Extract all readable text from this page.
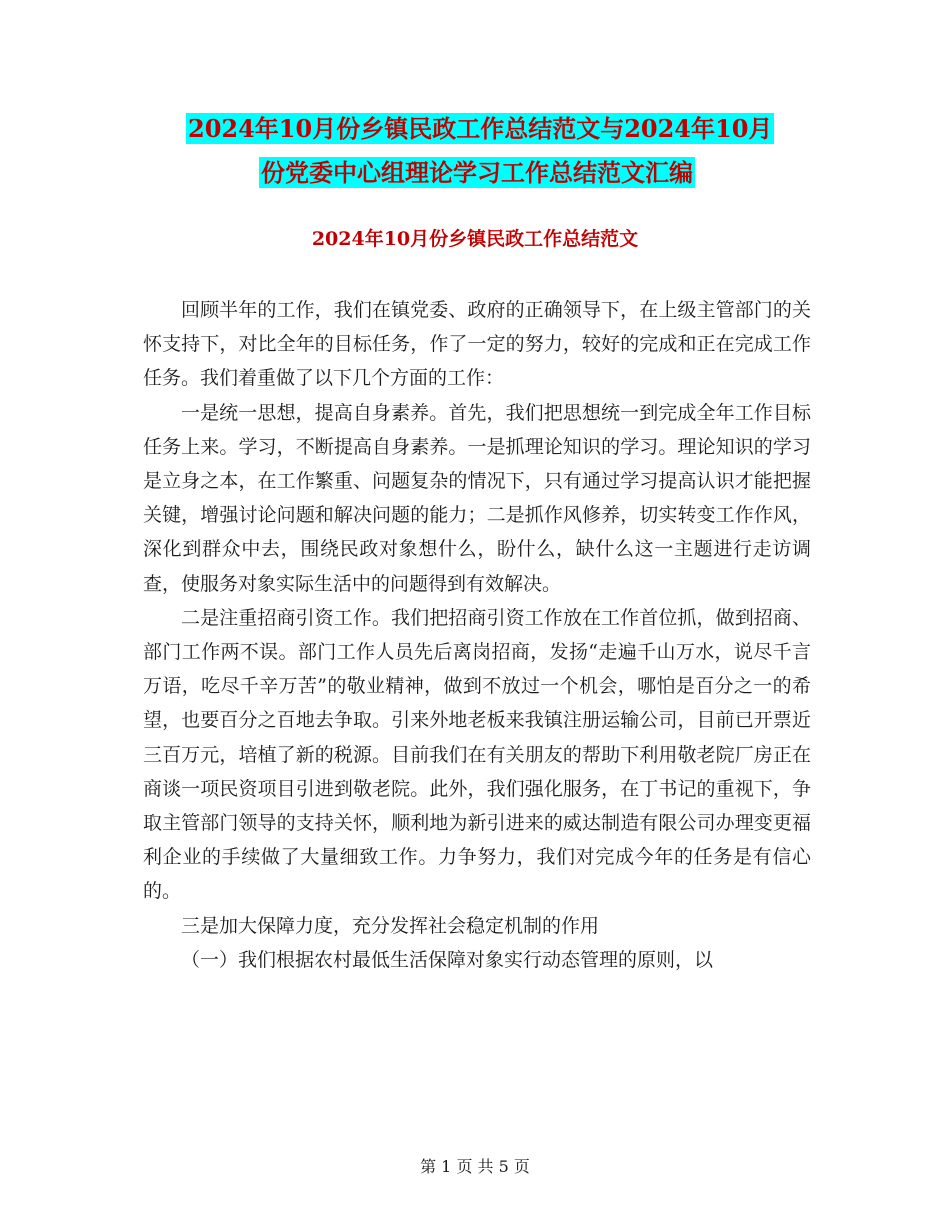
2024年10月份乡镇民政工作总结范文与2024年10月
份党委中心组理论学习工作总结范文汇编
2024年10月份乡镇民政工作总结范文

回顾半年的工作，我们在镇党委、政府的正确领导下，在上级主管部门的关怀支持下，对比全年的目标任务，作了一定的努力，较好的完成和正在完成工作任务。我们着重做了以下几个方面的工作：

一是统一思想，提高自身素养。首先，我们把思想统一到完成全年工作目标任务上来。学习，不断提高自身素养。一是抓理论知识的学习。理论知识的学习是立身之本，在工作繁重、问题复杂的情况下，只有通过学习提高认识才能把握关键，增强讨论问题和解决问题的能力；二是抓作风修养，切实转变工作作风，深化到群众中去，围绕民政对象想什么，盼什么，缺什么这一主题进行走访调查，使服务对象实际生活中的问题得到有效解决。

二是注重招商引资工作。我们把招商引资工作放在工作首位抓，做到招商、部门工作两不误。部门工作人员先后离岗招商，发扬“走遍千山万水，说尽千言万语，吃尽千辛万苦”的敬业精神，做到不放过一个机会，哪怕是百分之一的希望，也要百分之百地去争取。引来外地老板来我镇注册运输公司，目前已开票近三百万元，培植了新的税源。目前我们在有关朋友的帮助下利用敬老院厂房正在商谈一项民资项目引进到敬老院。此外，我们强化服务，在丁书记的重视下，争取主管部门领导的支持关怀，顺利地为新引进来的威达制造有限公司办理变更福利企业的手续做了大量细致工作。力争努力，我们对完成今年的任务是有信心的。

三是加大保障力度，充分发挥社会稳定机制的作用

（一）我们根据农村最低生活保障对象实行动态管理的原则，以

第 1 页 共 5 页
